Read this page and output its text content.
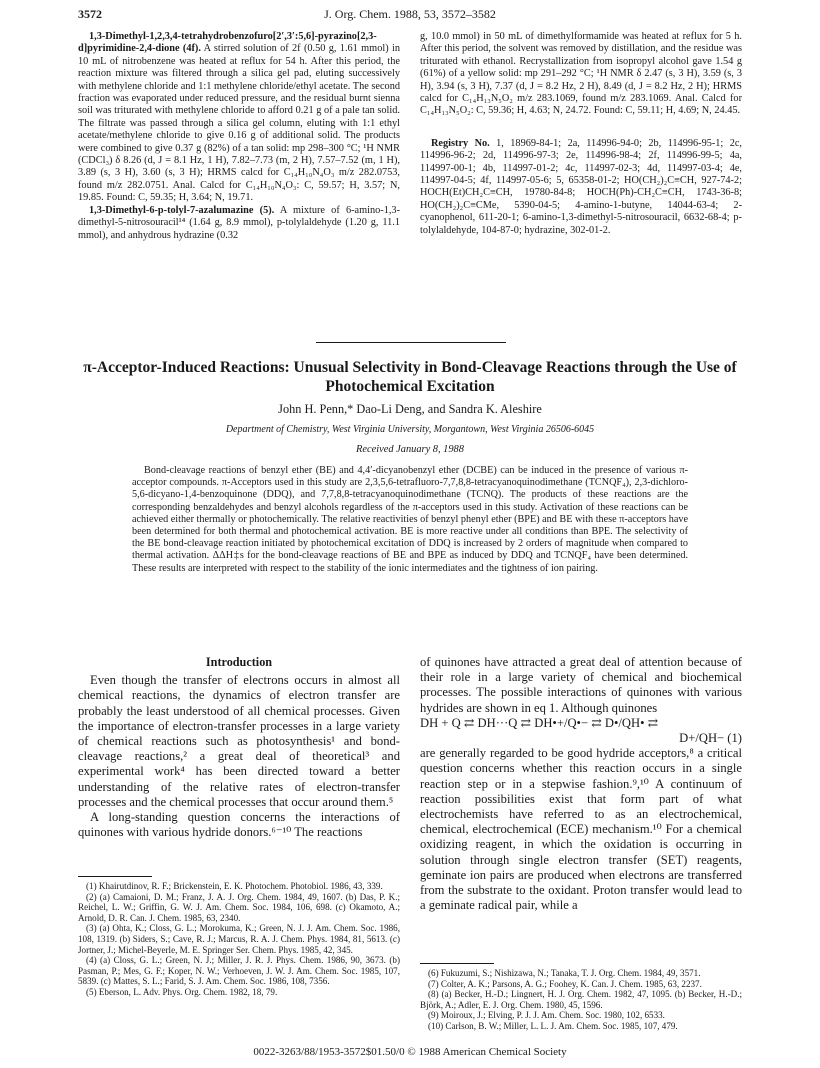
3572	J. Org. Chem. 1988, 53, 3572–3582

1,3-Dimethyl-1,2,3,4-tetrahydrobenzofuro[2′,3′:5,6]-pyrazino[2,3-d]pyrimidine-2,4-dione (4f). A stirred solution of 2f (0.50 g, 1.61 mmol) in 10 mL of nitrobenzene was heated at reflux for 54 h. After this period, the reaction mixture was filtered through a silica gel pad, eluting successively with methylene chloride and 1:1 methylene chloride/ethyl acetate. The second fraction was evaporated under reduced pressure, and the residual burnt sienna soil was triturated with methylene chloride to afford 0.21 g of a pale tan solid. The filtrate was passed through a silica gel column, eluting with 1:1 ethyl acetate/methylene chloride to give 0.16 g of additional solid. The products were combined to give 0.37 g (82%) of a tan solid: mp 298–300 °C; ¹H NMR (CDCl₃) δ 8.26 (d, J = 8.1 Hz, 1 H), 7.82–7.73 (m, 2 H), 7.57–7.52 (m, 1 H), 3.89 (s, 3 H), 3.60 (s, 3 H); HRMS calcd for C₁₄H₁₀N₄O₃ m/z 282.0753, found m/z 282.0751. Anal. Calcd for C₁₄H₁₀N₄O₃: C, 59.57; H, 3.57; N, 19.85. Found: C, 59.35; H, 3.64; N, 19.71.

1,3-Dimethyl-6-p-tolyl-7-azalumazine (5). A mixture of 6-amino-1,3-dimethyl-5-nitrosouracil¹⁴ (1.64 g, 8.9 mmol), p-tolylaldehyde (1.20 g, 11.1 mmol), and anhydrous hydrazine (0.32

g, 10.0 mmol) in 50 mL of dimethylformamide was heated at reflux for 5 h. After this period, the solvent was removed by distillation, and the residue was triturated with ethanol. Recrystallization from isopropyl alcohol gave 1.54 g (61%) of a yellow solid: mp 291–292 °C; ¹H NMR δ 2.47 (s, 3 H), 3.59 (s, 3 H), 3.94 (s, 3 H), 7.37 (d, J = 8.2 Hz, 2 H), 8.49 (d, J = 8.2 Hz, 2 H); HRMS calcd for C₁₄H₁₃N₅O₂ m/z 283.1069, found m/z 283.1069. Anal. Calcd for C₁₄H₁₃N₅O₂: C, 59.36; H, 4.63; N, 24.72. Found: C, 59.11; H, 4.69; N, 24.45.

Registry No. 1, 18969-84-1; 2a, 114996-94-0; 2b, 114996-95-1; 2c, 114996-96-2; 2d, 114996-97-3; 2e, 114996-98-4; 2f, 114996-99-5; 4a, 114997-00-1; 4b, 114997-01-2; 4c, 114997-02-3; 4d, 114997-03-4; 4e, 114997-04-5; 4f, 114997-05-6; 5, 65358-01-2; HO(CH₂)₂C≡CH, 927-74-2; HOCH(Et)CH₂C≡CH, 19780-84-8; HOCH(Ph)-CH₂C≡CH, 1743-36-8; HO(CH₂)₂C≡CMe, 5390-04-5; 4-amino-1-butyne, 14044-63-4; 2-cyanophenol, 611-20-1; 6-amino-1,3-dimethyl-5-nitrosouracil, 6632-68-4; p-tolylaldehyde, 104-87-0; hydrazine, 302-01-2.

π-Acceptor-Induced Reactions: Unusual Selectivity in Bond-Cleavage Reactions through the Use of Photochemical Excitation
John H. Penn,* Dao-Li Deng, and Sandra K. Aleshire
Department of Chemistry, West Virginia University, Morgantown, West Virginia 26506-6045
Received January 8, 1988
Bond-cleavage reactions of benzyl ether (BE) and 4,4′-dicyanobenzyl ether (DCBE) can be induced in the presence of various π-acceptor compounds. π-Acceptors used in this study are 2,3,5,6-tetrafluoro-7,7,8,8-tetracyanoquinodimethane (TCNQF₄), 2,3-dichloro-5,6-dicyano-1,4-benzoquinone (DDQ), and 7,7,8,8-tetracyanoquinodimethane (TCNQ). The products of these reactions are the corresponding benzaldehydes and benzyl alcohols regardless of the π-acceptors used in this study. Activation of these reactions can be achieved either thermally or photochemically. The relative reactivities of benzyl phenyl ether (BPE) and BE with these π-acceptors have been determined for both thermal and photochemical activation. BE is more reactive under all conditions than BPE. The selectivity of the BE bond-cleavage reaction initiated by photochemical excitation of DDQ is increased by 2 orders of magnitude when compared to thermal activation. ΔΔH‡s for the bond-cleavage reactions of BE and BPE as induced by DDQ and TCNQF₄ have been determined. These results are interpreted with respect to the stability of the ionic intermediates and the tightness of ion pairing.
Introduction

Even though the transfer of electrons occurs in almost all chemical reactions, the dynamics of electron transfer are probably the least understood of all chemical processes. Given the importance of electron-transfer processes in a large variety of chemical reactions such as photosynthesis¹ and bond-cleavage reactions,² a great deal of theoretical³ and experimental work⁴ has been directed toward a better understanding of the relative rates of electron-transfer processes and the chemical processes that occur around them.⁵

A long-standing question concerns the interactions of quinones with various hydride donors.⁶⁻¹⁰ The reactions

of quinones have attracted a great deal of attention because of their role in a large variety of chemical and biochemical processes. The possible interactions of quinones with various hydrides are shown in eq 1. Although quinones

DH + Q ⇄ DH···Q ⇄ DH•+/Q•− ⇄ D•/QH• ⇄
D+/QH− (1)

are generally regarded to be good hydride acceptors,⁸ a critical question concerns whether this reaction occurs in a single reaction step or in a stepwise fashion.⁹,¹⁰ A continuum of reaction possibilities exist that form part of what electrochemists have referred to as an electrochemical, chemical, electrochemical (ECE) mechanism.¹⁰ For a chemical oxidizing reagent, in which the oxidation is occurring in solution through single electron transfer (SET) reagents, geminate ion pairs are produced when electrons are transferred from the substrate to the oxidant. Proton transfer would lead to a geminate radical pair, while a

(1) Khairutdinov, R. F.; Brickenstein, E. K. Photochem. Photobiol. 1986, 43, 339.

(2) (a) Camaioni, D. M.; Franz, J. A. J. Org. Chem. 1984, 49, 1607. (b) Das, P. K.; Reichel, L. W.; Griffin, G. W. J. Am. Chem. Soc. 1984, 106, 698. (c) Okamoto, A.; Arnold, D. R. Can. J. Chem. 1985, 63, 2340.

(3) (a) Ohta, K.; Closs, G. L.; Morokuma, K.; Green, N. J. J. Am. Chem. Soc. 1986, 108, 1319. (b) Siders, S.; Cave, R. J.; Marcus, R. A. J. Chem. Phys. 1984, 81, 5613. (c) Jortner, J.; Michel-Beyerle, M. E. Springer Ser. Chem. Phys. 1985, 42, 345.

(4) (a) Closs, G. L.; Green, N. J.; Miller, J. R. J. Phys. Chem. 1986, 90, 3673. (b) Pasman, P.; Mes, G. F.; Koper, N. W.; Verhoeven, J. W. J. Am. Chem. Soc. 1985, 107, 5839. (c) Mattes, S. L.; Farid, S. J. Am. Chem. Soc. 1986, 108, 7356.

(5) Eberson, L. Adv. Phys. Org. Chem. 1982, 18, 79.

(6) Fukuzumi, S.; Nishizawa, N.; Tanaka, T. J. Org. Chem. 1984, 49, 3571.

(7) Colter, A. K.; Parsons, A. G.; Foohey, K. Can. J. Chem. 1985, 63, 2237.

(8) (a) Becker, H.-D.; Lingnert, H. J. Org. Chem. 1982, 47, 1095. (b) Becker, H.-D.; Björk, A.; Adler, E. J. Org. Chem. 1980, 45, 1596.

(9) Moiroux, J.; Elving, P. J. J. Am. Chem. Soc. 1980, 102, 6533.

(10) Carlson, B. W.; Miller, L. L. J. Am. Chem. Soc. 1985, 107, 479.

0022-3263/88/1953-3572$01.50/0 © 1988 American Chemical Society
